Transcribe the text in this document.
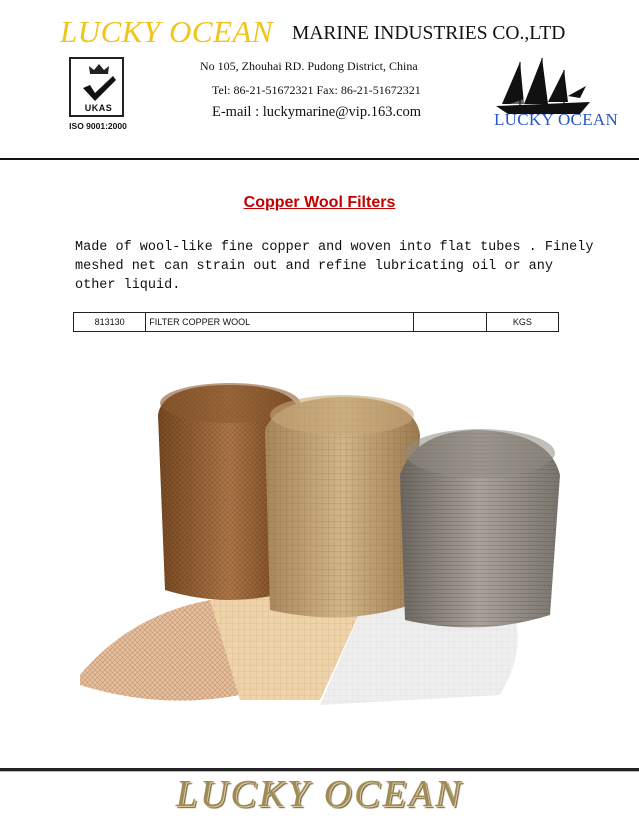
LUCKY OCEAN MARINE INDUSTRIES CO.,LTD
UKAS
ISO 9001:2000
No 105, Zhouhai RD. Pudong District, China
Tel: 86-21-51672321 Fax: 86-21-51672321
E-mail : luckymarine@vip.163.com	LUCKY OCEAN
Copper Wool Filters
Made of wool-like fine copper and woven into flat tubes . Finely meshed net can strain out and refine lubricating oil or any other liquid.
813130	FILTER COPPER WOOL		KGS
LUCKY OCEAN
